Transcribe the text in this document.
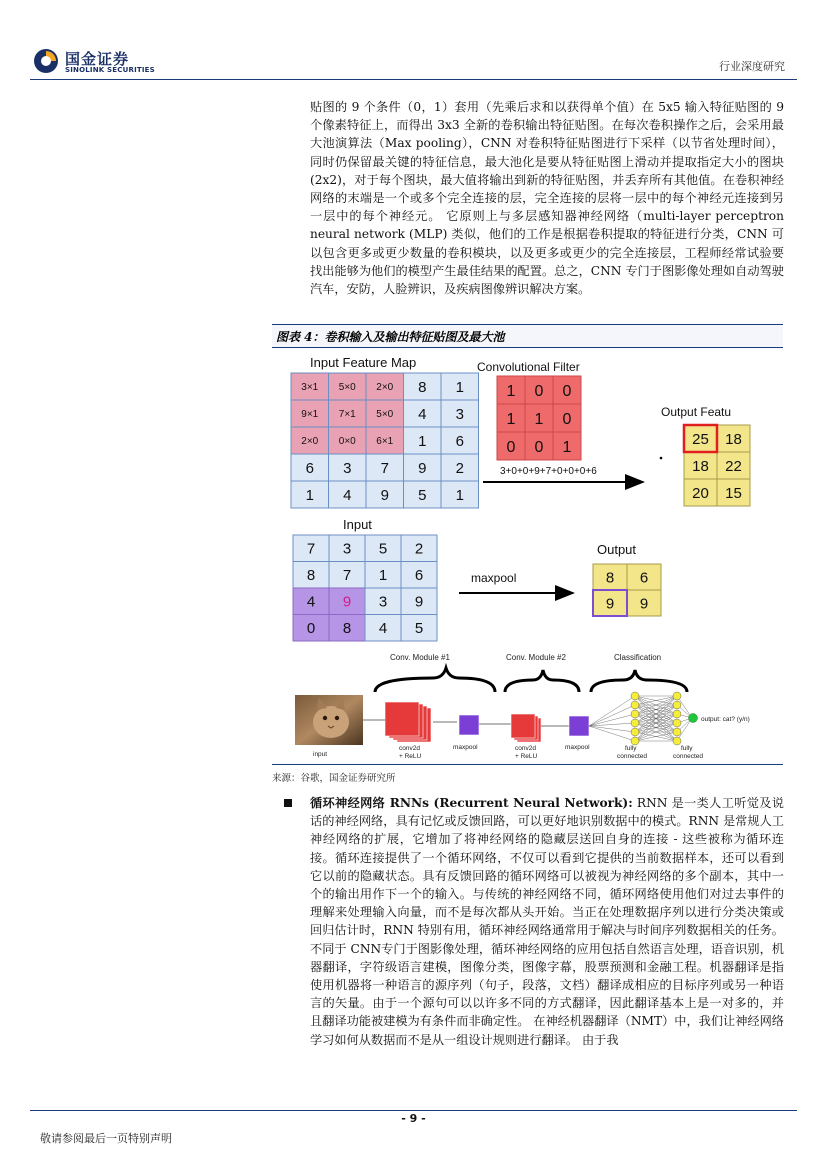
国金证券
SINOLINK SECURITIES	行业深度研究
贴图的 9 个条件（0，1）套用（先乘后求和以获得单个值）在 5x5 输入特征贴图的 9 个像素特征上，而得出 3x3 全新的卷积输出特征贴图。在每次卷积操作之后，会采用最大池演算法（Max pooling），CNN 对卷积特征贴图进行下采样（以节省处理时间），同时仍保留最关键的特征信息，最大池化是要从特征贴图上滑动并提取指定大小的图块 (2x2)，对于每个图块，最大值将输出到新的特征贴图，并丢弃所有其他值。在卷积神经网络的末端是一个或多个完全连接的层，完全连接的层将一层中的每个神经元连接到另一层中的每个神经元。 它原则上与多层感知器神经网络（multi-layer perceptron neural network (MLP) 类似，他们的工作是根据卷积提取的特征进行分类，CNN 可以包含更多或更少数量的卷积模块，以及更多或更少的完全连接层，工程师经常试验要找出能够为他们的模型产生最佳结果的配置。总之，CNN 专门于图影像处理如自动驾驶汽车，安防，人脸辨识，及疾病图像辨识解决方案。
图表 4：卷积输入及输出特征贴图及最大池
Input Feature Map
3×1 5×0 2×0 8 1
9×1 7×1 5×0 4 3
2×0 0×0 6×1 1 6
6 3 7 9 2
1 4 9 5 1
Convolutional Filter
1 0 0
1 1 0
0 0 1
3+0+0+9+7+0+0+0+6
Output Featu
25 18
18 22
20 15
Input
7 3 5 2
8 7 1 6
4 9 3 9
0 8 4 5
maxpool
Output
8 6
9 9
Conv. Module #1	Conv. Module #2	Classification
input
conv2d
+ ReLU
maxpool	conv2d
+ ReLU
maxpool	fully
connected
fully
connected
output: cat? (y/n)
来源：谷歌，国金证券研究所
循环神经网络 RNNs (Recurrent Neural Network): RNN 是一类人工听觉及说话的神经网络，具有记忆或反馈回路，可以更好地识别数据中的模式。RNN 是常规人工神经网络的扩展，它增加了将神经网络的隐藏层送回自身的连接 - 这些被称为循环连接。循环连接提供了一个循环网络，不仅可以看到它提供的当前数据样本，还可以看到它以前的隐藏状态。具有反馈回路的循环网络可以被视为神经网络的多个副本，其中一个的输出用作下一个的输入。与传统的神经网络不同，循环网络使用他们对过去事件的理解来处理输入向量，而不是每次都从头开始。当正在处理数据序列以进行分类决策或回归估计时，RNN 特别有用，循环神经网络通常用于解决与时间序列数据相关的任务。不同于 CNN专门于图影像处理，循环神经网络的应用包括自然语言处理，语音识别，机器翻译，字符级语言建模，图像分类，图像字幕，股票预测和金融工程。机器翻译是指使用机器将一种语言的源序列（句子，段落，文档）翻译成相应的目标序列或另一种语言的矢量。由于一个源句可以以许多不同的方式翻译，因此翻译基本上是一对多的，并且翻译功能被建模为有条件而非确定性。 在神经机器翻译（NMT）中，我们让神经网络学习如何从数据而不是从一组设计规则进行翻译。 由于我
- 9 -
敬请参阅最后一页特别声明
